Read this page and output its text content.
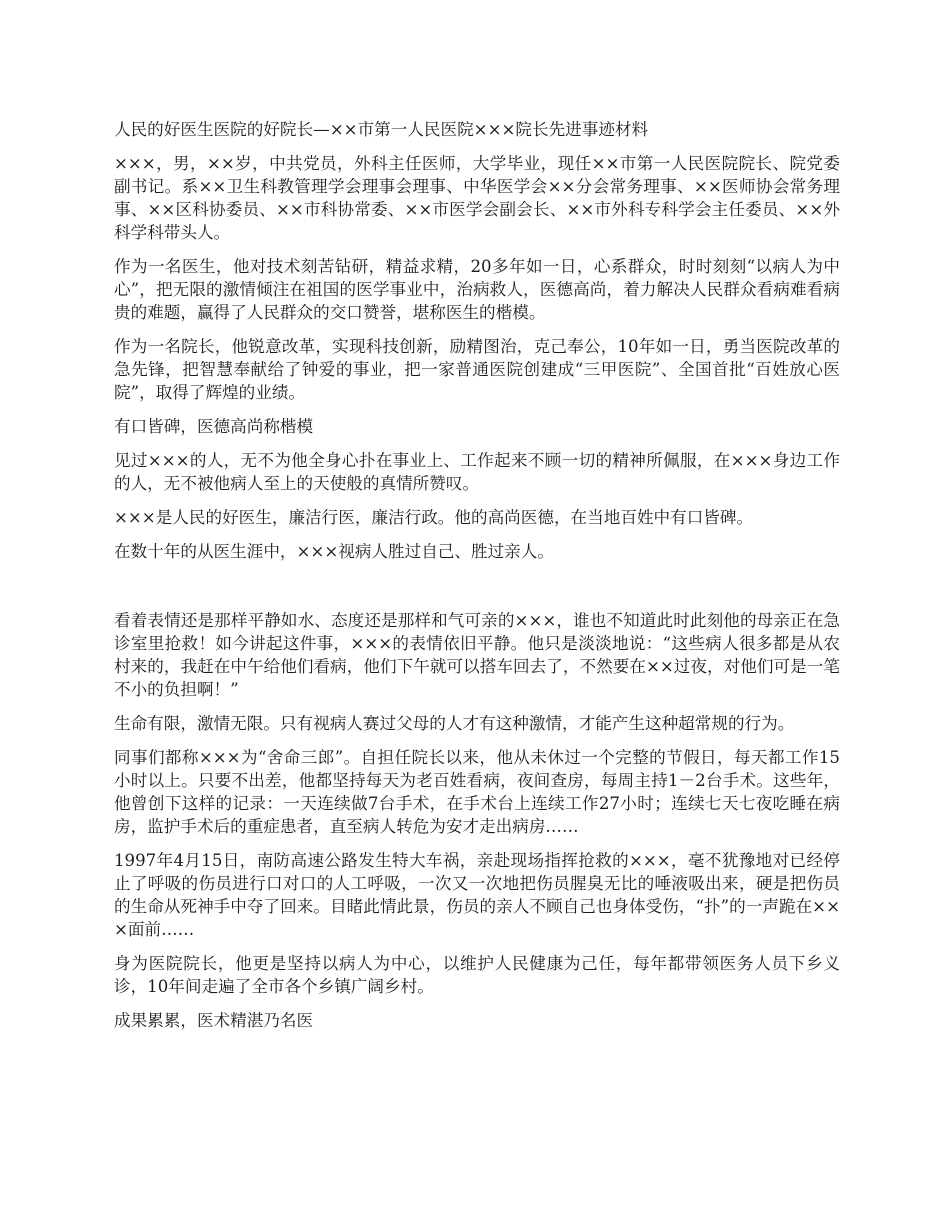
人民的好医生医院的好院长—××市第一人民医院×××院长先进事迹材料

×××，男，××岁，中共党员，外科主任医师，大学毕业，现任××市第一人民医院院长、院党委副书记。系××卫生科教管理学会理事会理事、中华医学会××分会常务理事、××医师协会常务理事、××区科协委员、××市科协常委、××市医学会副会长、××市外科专科学会主任委员、××外科学科带头人。

作为一名医生，他对技术刻苦钻研，精益求精，20多年如一日，心系群众，时时刻刻“以病人为中心”，把无限的激情倾注在祖国的医学事业中，治病救人，医德高尚，着力解决人民群众看病难看病贵的难题，赢得了人民群众的交口赞誉，堪称医生的楷模。

作为一名院长，他锐意改革，实现科技创新，励精图治，克己奉公，10年如一日，勇当医院改革的急先锋，把智慧奉献给了钟爱的事业，把一家普通医院创建成“三甲医院”、全国首批“百姓放心医院”，取得了辉煌的业绩。

有口皆碑，医德高尚称楷模

见过×××的人，无不为他全身心扑在事业上、工作起来不顾一切的精神所佩服，在×××身边工作的人，无不被他病人至上的天使般的真情所赞叹。

×××是人民的好医生，廉洁行医，廉洁行政。他的高尚医德，在当地百姓中有口皆碑。

在数十年的从医生涯中，×××视病人胜过自己、胜过亲人。

看着表情还是那样平静如水、态度还是那样和气可亲的×××，谁也不知道此时此刻他的母亲正在急诊室里抢救！如今讲起这件事，×××的表情依旧平静。他只是淡淡地说：“这些病人很多都是从农村来的，我赶在中午给他们看病，他们下午就可以搭车回去了，不然要在××过夜，对他们可是一笔不小的负担啊！”

生命有限，激情无限。只有视病人赛过父母的人才有这种激情，才能产生这种超常规的行为。

同事们都称×××为“舍命三郎”。自担任院长以来，他从未休过一个完整的节假日，每天都工作15小时以上。只要不出差，他都坚持每天为老百姓看病，夜间查房，每周主持1－2台手术。这些年，他曾创下这样的记录：一天连续做7台手术，在手术台上连续工作27小时；连续七天七夜吃睡在病房，监护手术后的重症患者，直至病人转危为安才走出病房……

1997年4月15日，南防高速公路发生特大车祸，亲赴现场指挥抢救的×××，毫不犹豫地对已经停止了呼吸的伤员进行口对口的人工呼吸，一次又一次地把伤员腥臭无比的唾液吸出来，硬是把伤员的生命从死神手中夺了回来。目睹此情此景，伤员的亲人不顾自己也身体受伤，“扑”的一声跪在×××面前……

身为医院院长，他更是坚持以病人为中心，以维护人民健康为己任，每年都带领医务人员下乡义诊，10年间走遍了全市各个乡镇广阔乡村。

成果累累，医术精湛乃名医
